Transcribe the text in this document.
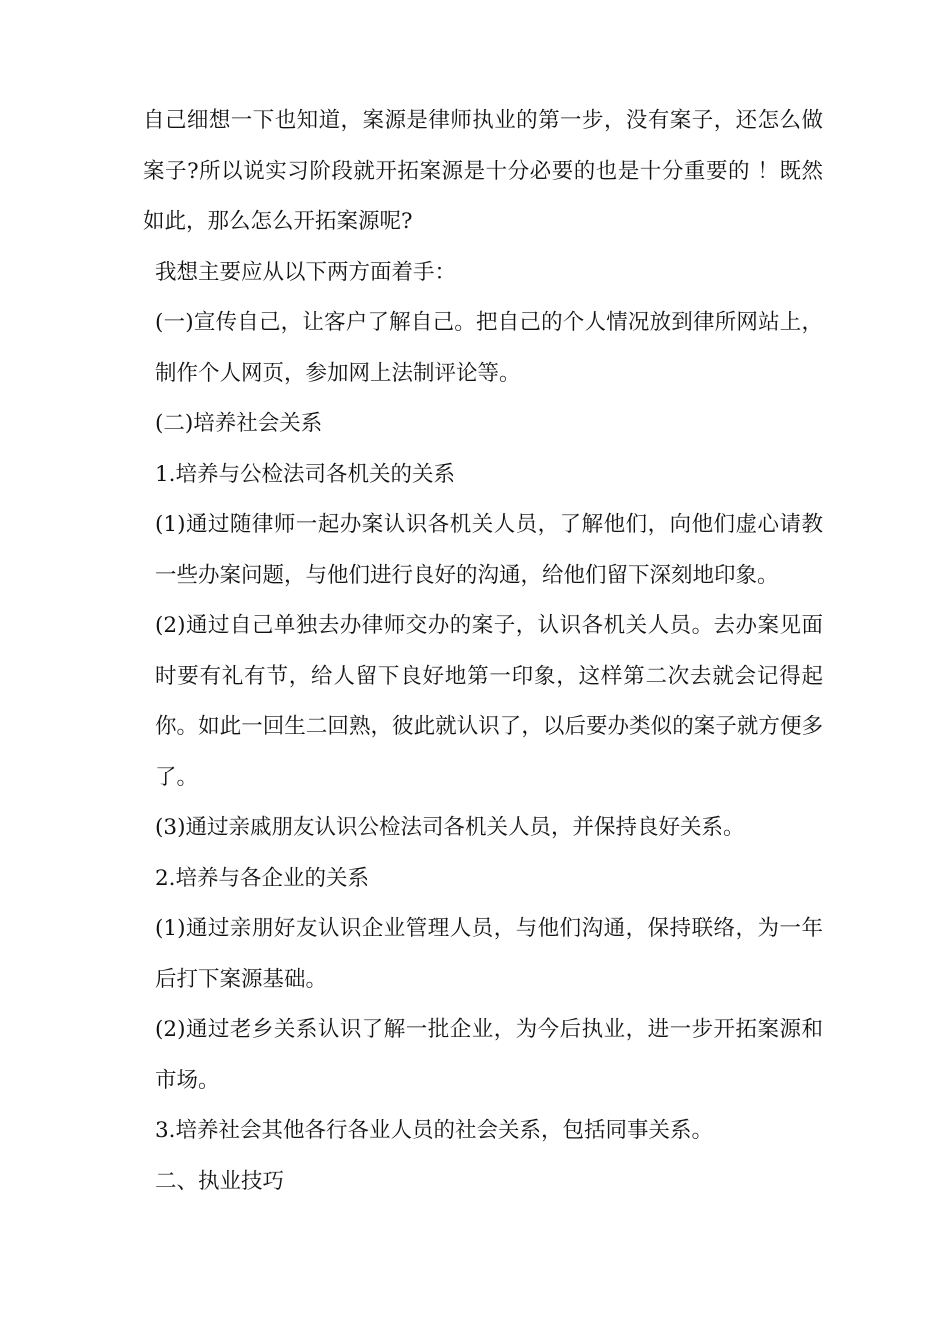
自己细想一下也知道，案源是律师执业的第一步，没有案子，还怎么做案子?所以说实习阶段就开拓案源是十分必要的也是十分重要的 ！既然如此，那么怎么开拓案源呢?

我想主要应从以下两方面着手：

(一)宣传自己，让客户了解自己。把自己的个人情况放到律所网站上，制作个人网页，参加网上法制评论等。

(二)培养社会关系

1.培养与公检法司各机关的关系

(1)通过随律师一起办案认识各机关人员，了解他们，向他们虚心请教一些办案问题，与他们进行良好的沟通，给他们留下深刻地印象。

(2)通过自己单独去办律师交办的案子，认识各机关人员。去办案见面时要有礼有节，给人留下良好地第一印象，这样第二次去就会记得起你。如此一回生二回熟，彼此就认识了，以后要办类似的案子就方便多了。

(3)通过亲戚朋友认识公检法司各机关人员，并保持良好关系。

2.培养与各企业的关系

(1)通过亲朋好友认识企业管理人员，与他们沟通，保持联络，为一年后打下案源基础。

(2)通过老乡关系认识了解一批企业，为今后执业，进一步开拓案源和市场。

3.培养社会其他各行各业人员的社会关系，包括同事关系。

二、执业技巧
